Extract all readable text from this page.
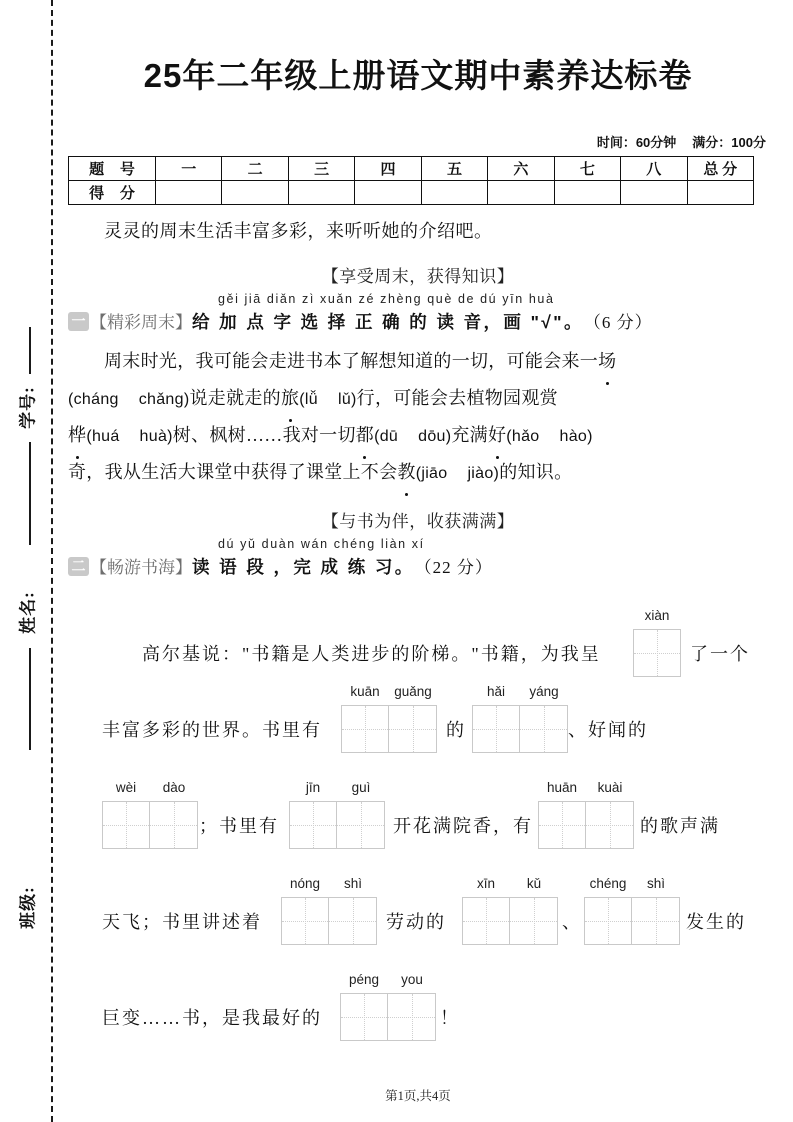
学号:
姓名:
班级:
25年二年级上册语文期中素养达标卷
时间：60分钟 满分：100分
题 号	一	二	三	四	五	六	七	八	总 分
得 分									
灵灵的周末生活丰富多彩，来听听她的介绍吧。
【享受周末，获得知识】
gěi jiā diǎn zì xuǎn zé zhèng què de dú yīn huà
一 【精彩周末】 给 加 点 字 选 择 正 确 的 读 音，画 "√"。 （6 分）
周末时光，我可能会走进书本了解想知道的一切，可能会来一场
(cháng chǎng)说走就走的旅(lǚ lǔ)行，可能会去植物园观赏
桦(huá huà)树、枫树……我对一切都(dū dōu)充满好(hǎo hào)
奇，我从生活大课堂中获得了课堂上不会教(jiāo jiào)的知识。
【与书为伴，收获满满】
dú yǔ duàn wán chéng liàn xí
二 【畅游书海】 读 语 段 ，完 成 练 习。 （22 分）
高尔基说："书籍是人类进步的阶梯。"书籍，为我呈
xiàn
了一个
丰富多彩的世界。书里有
kuān	guǎng
的
hǎi	yáng
、好闻的
wèi	dào
；书里有
jīn	guì
开花满院香，有
huān	kuài
的歌声满
天飞；书里讲述着
nóng	shì
劳动的
xīn	kǔ
、
chéng	shì
发生的
巨变……书，是我最好的
péng	you
！
第1页,共4页
